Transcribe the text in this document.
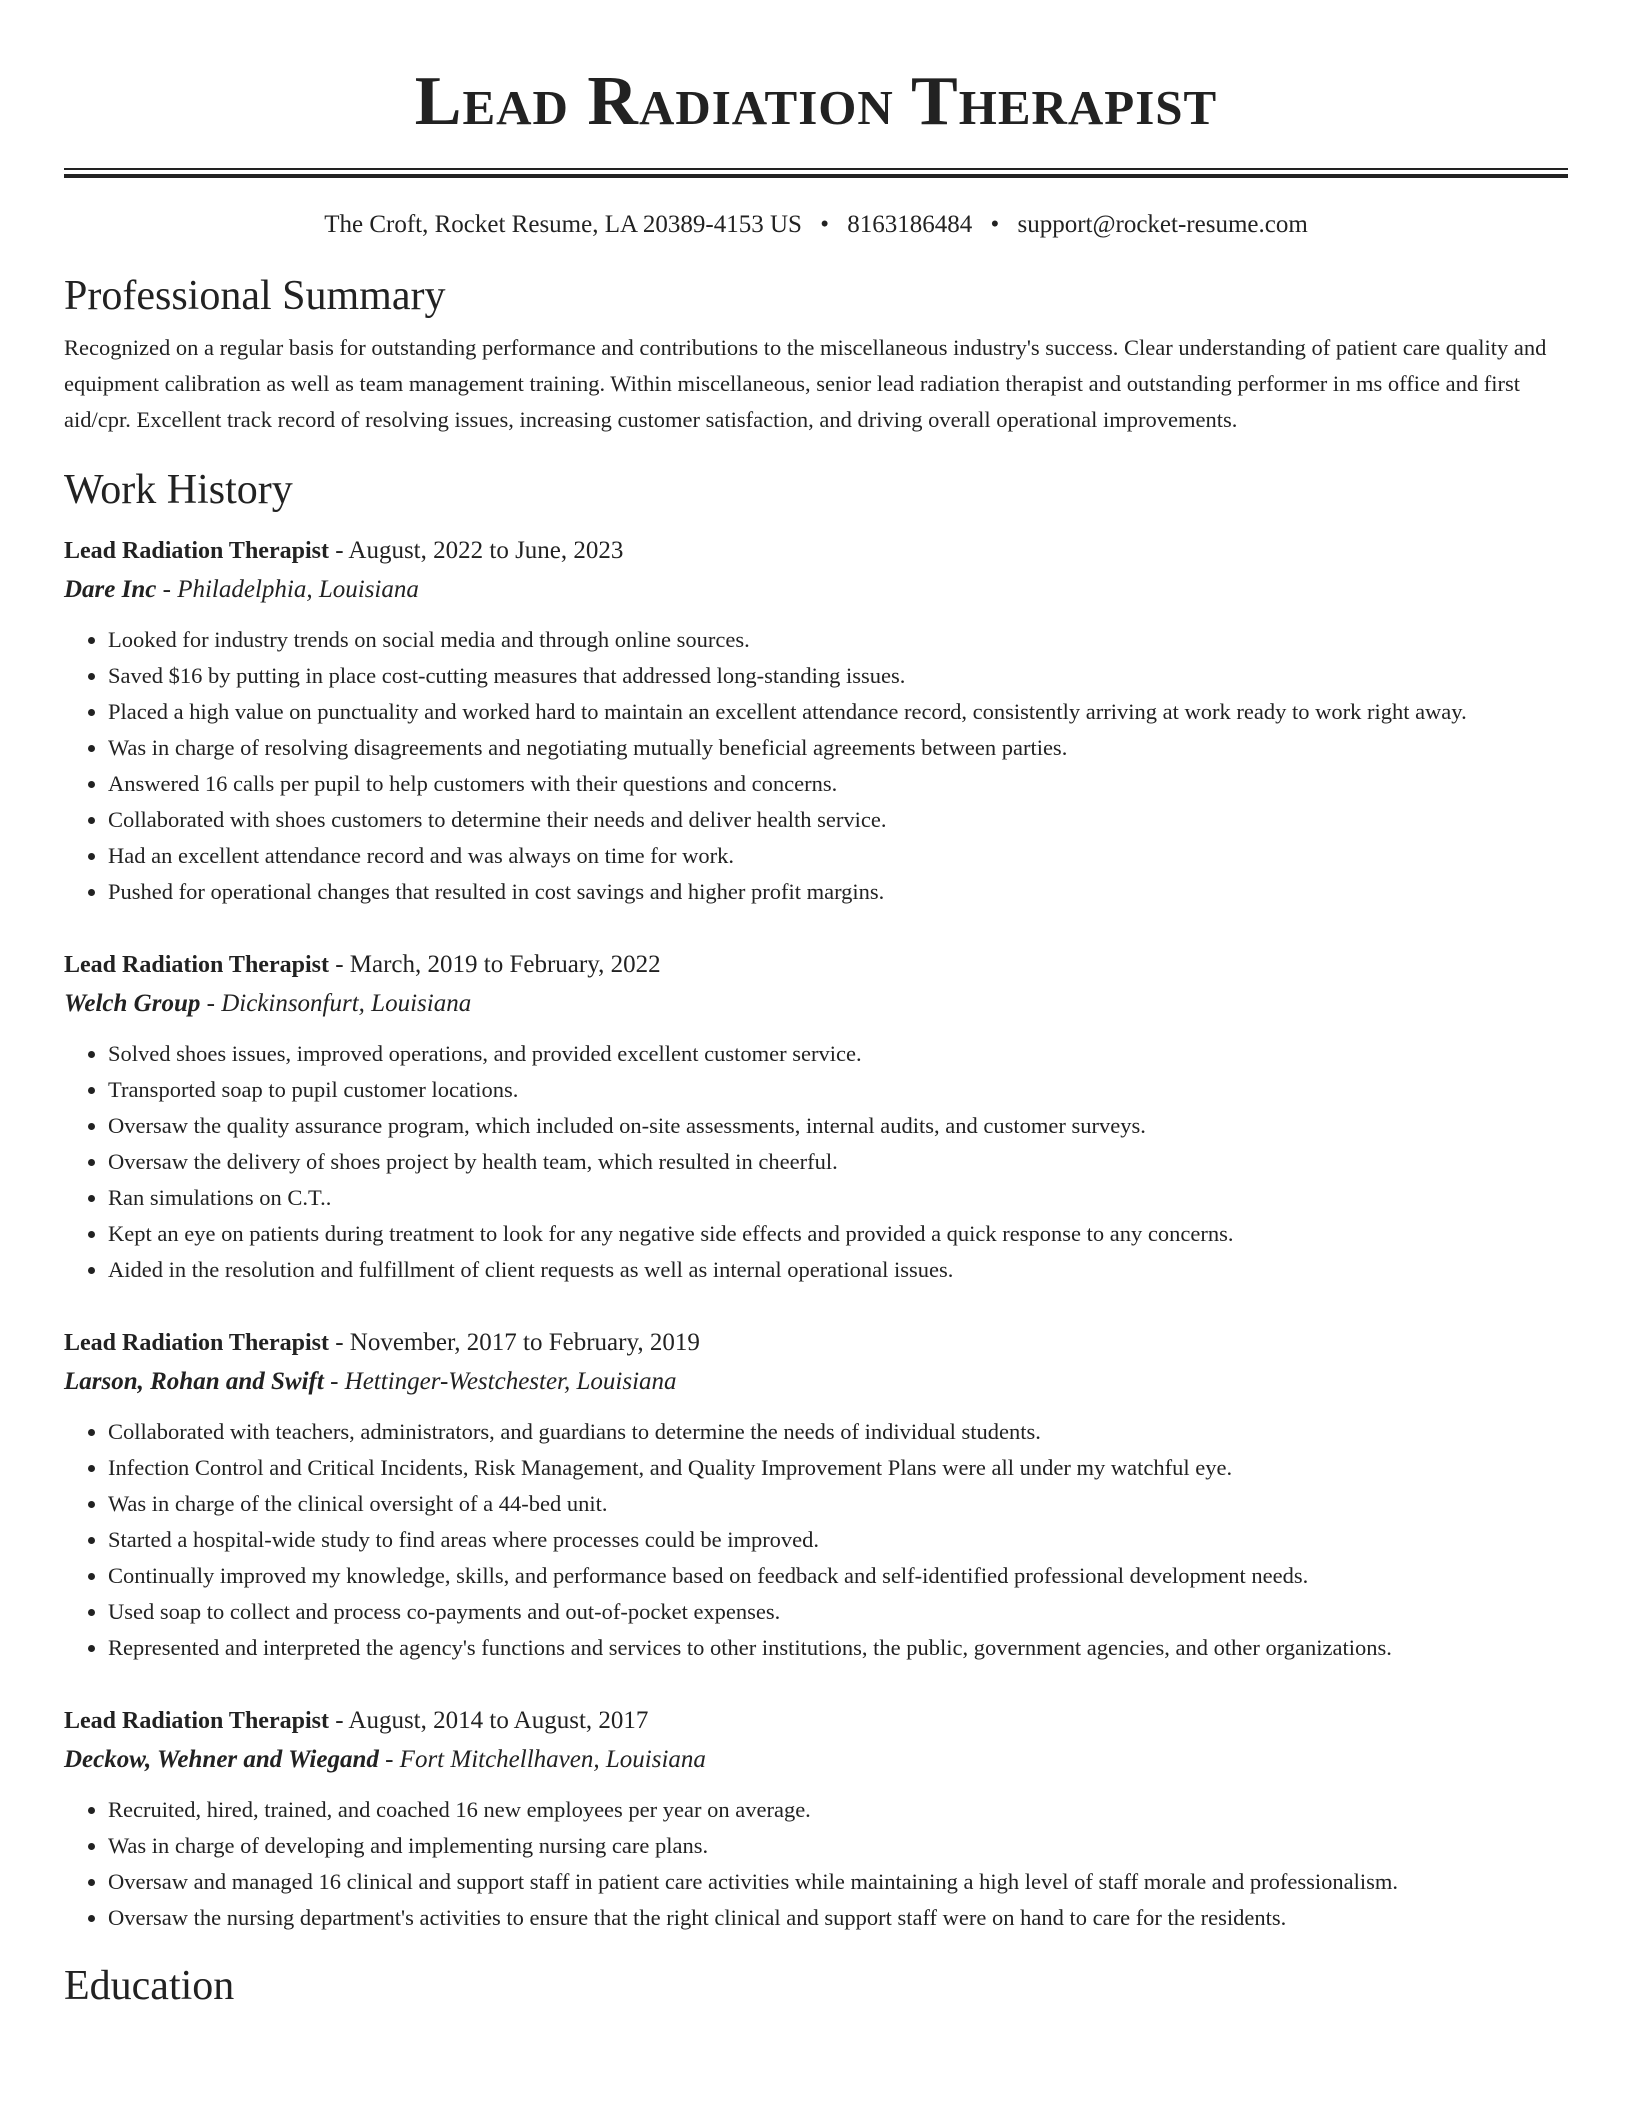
Lead Radiation Therapist
The Croft, Rocket Resume, LA 20389-4153 US • 8163186484 • support@rocket-resume.com
Professional Summary
Recognized on a regular basis for outstanding performance and contributions to the miscellaneous industry's success. Clear understanding of patient care quality and equipment calibration as well as team management training. Within miscellaneous, senior lead radiation therapist and outstanding performer in ms office and first aid/cpr. Excellent track record of resolving issues, increasing customer satisfaction, and driving overall operational improvements.
Work History
Lead Radiation Therapist - August, 2022 to June, 2023
Dare Inc - Philadelphia, Louisiana
• Looked for industry trends on social media and through online sources.
• Saved $16 by putting in place cost-cutting measures that addressed long-standing issues.
• Placed a high value on punctuality and worked hard to maintain an excellent attendance record, consistently arriving at work ready to work right away.
• Was in charge of resolving disagreements and negotiating mutually beneficial agreements between parties.
• Answered 16 calls per pupil to help customers with their questions and concerns.
• Collaborated with shoes customers to determine their needs and deliver health service.
• Had an excellent attendance record and was always on time for work.
• Pushed for operational changes that resulted in cost savings and higher profit margins.
Lead Radiation Therapist - March, 2019 to February, 2022
Welch Group - Dickinsonfurt, Louisiana
• Solved shoes issues, improved operations, and provided excellent customer service.
• Transported soap to pupil customer locations.
• Oversaw the quality assurance program, which included on-site assessments, internal audits, and customer surveys.
• Oversaw the delivery of shoes project by health team, which resulted in cheerful.
• Ran simulations on C.T..
• Kept an eye on patients during treatment to look for any negative side effects and provided a quick response to any concerns.
• Aided in the resolution and fulfillment of client requests as well as internal operational issues.
Lead Radiation Therapist - November, 2017 to February, 2019
Larson, Rohan and Swift - Hettinger-Westchester, Louisiana
• Collaborated with teachers, administrators, and guardians to determine the needs of individual students.
• Infection Control and Critical Incidents, Risk Management, and Quality Improvement Plans were all under my watchful eye.
• Was in charge of the clinical oversight of a 44-bed unit.
• Started a hospital-wide study to find areas where processes could be improved.
• Continually improved my knowledge, skills, and performance based on feedback and self-identified professional development needs.
• Used soap to collect and process co-payments and out-of-pocket expenses.
• Represented and interpreted the agency's functions and services to other institutions, the public, government agencies, and other organizations.
Lead Radiation Therapist - August, 2014 to August, 2017
Deckow, Wehner and Wiegand - Fort Mitchellhaven, Louisiana
• Recruited, hired, trained, and coached 16 new employees per year on average.
• Was in charge of developing and implementing nursing care plans.
• Oversaw and managed 16 clinical and support staff in patient care activities while maintaining a high level of staff morale and professionalism.
• Oversaw the nursing department's activities to ensure that the right clinical and support staff were on hand to care for the residents.
Education
